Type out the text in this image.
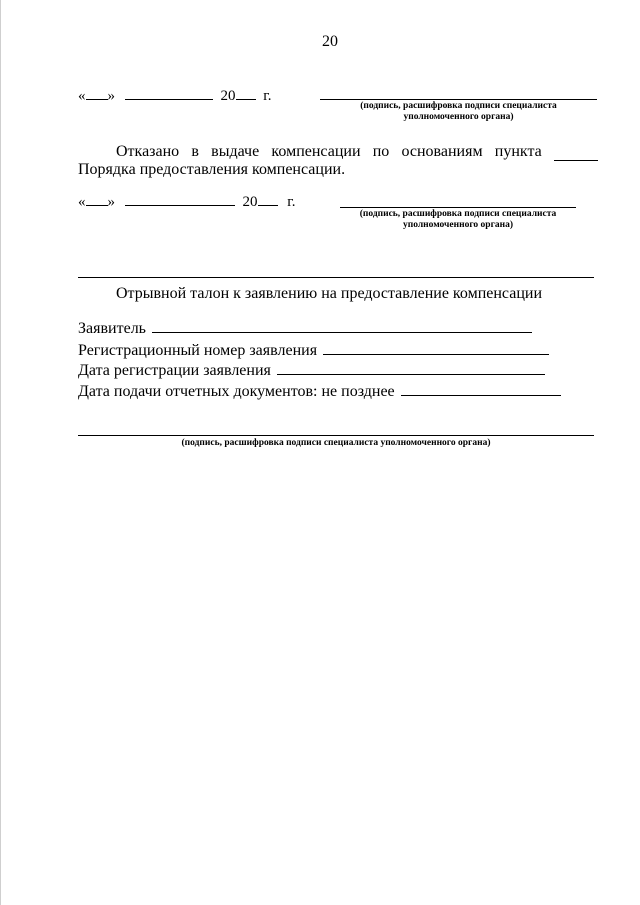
20
« »	20 г.
(подпись, расшифровка подписи специалиста
уполномоченного органа)
Отказано в выдаче компенсации по основаниям пункта
Порядка предоставления компенсации.
« »	20 г.
(подпись, расшифровка подписи специалиста
уполномоченного органа)
Отрывной талон к заявлению на предоставление компенсации
Заявитель
Регистрационный номер заявления
Дата регистрации заявления
Дата подачи отчетных документов: не позднее
(подпись, расшифровка подписи специалиста уполномоченного органа)
